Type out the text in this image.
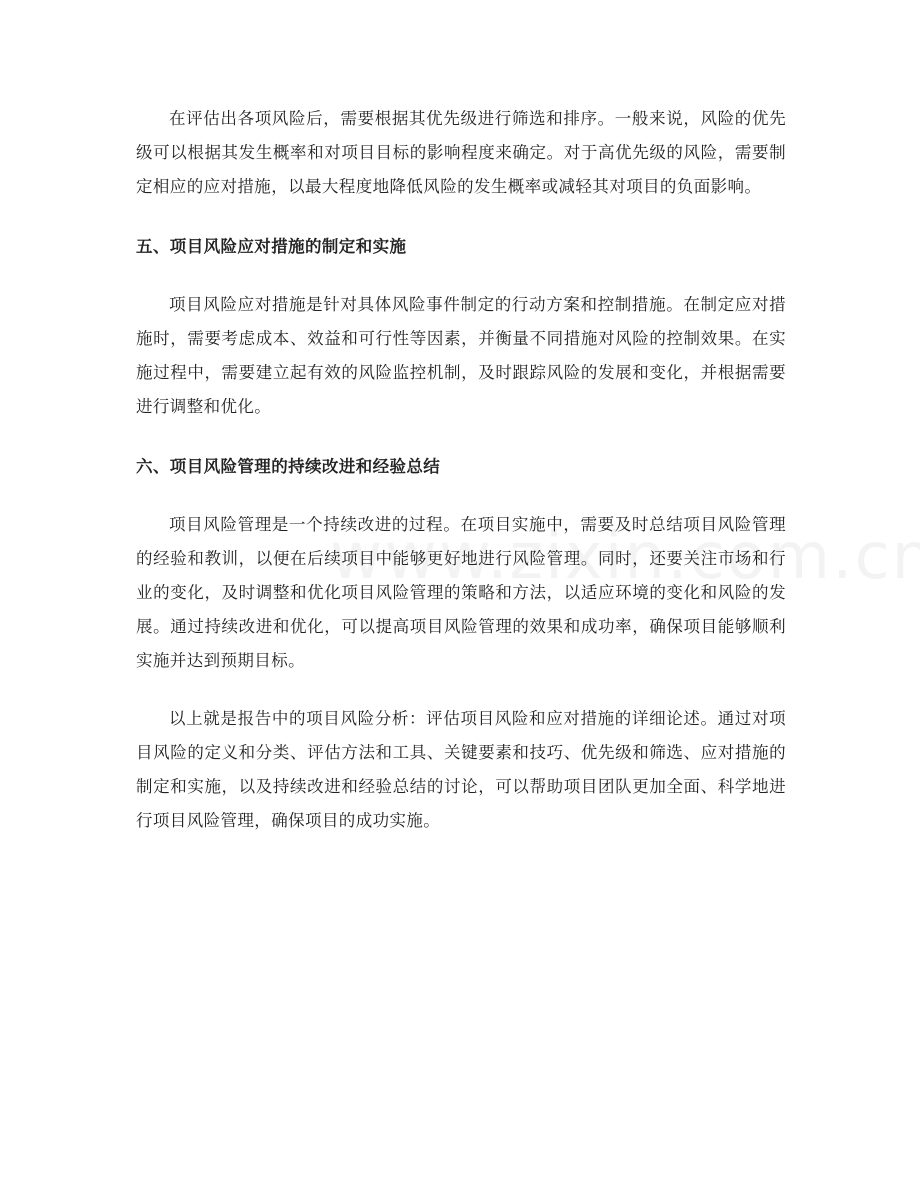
在评估出各项风险后，需要根据其优先级进行筛选和排序。一般来说，风险的优先级可以根据其发生概率和对项目目标的影响程度来确定。对于高优先级的风险，需要制定相应的应对措施，以最大程度地降低风险的发生概率或减轻其对项目的负面影响。

五、项目风险应对措施的制定和实施

项目风险应对措施是针对具体风险事件制定的行动方案和控制措施。在制定应对措施时，需要考虑成本、效益和可行性等因素，并衡量不同措施对风险的控制效果。在实施过程中，需要建立起有效的风险监控机制，及时跟踪风险的发展和变化，并根据需要进行调整和优化。

六、项目风险管理的持续改进和经验总结

项目风险管理是一个持续改进的过程。在项目实施中，需要及时总结项目风险管理的经验和教训，以便在后续项目中能够更好地进行风险管理。同时，还要关注市场和行业的变化，及时调整和优化项目风险管理的策略和方法，以适应环境的变化和风险的发展。通过持续改进和优化，可以提高项目风险管理的效果和成功率，确保项目能够顺利实施并达到预期目标。

以上就是报告中的项目风险分析：评估项目风险和应对措施的详细论述。通过对项目风险的定义和分类、评估方法和工具、关键要素和技巧、优先级和筛选、应对措施的制定和实施，以及持续改进和经验总结的讨论，可以帮助项目团队更加全面、科学地进行项目风险管理，确保项目的成功实施。
